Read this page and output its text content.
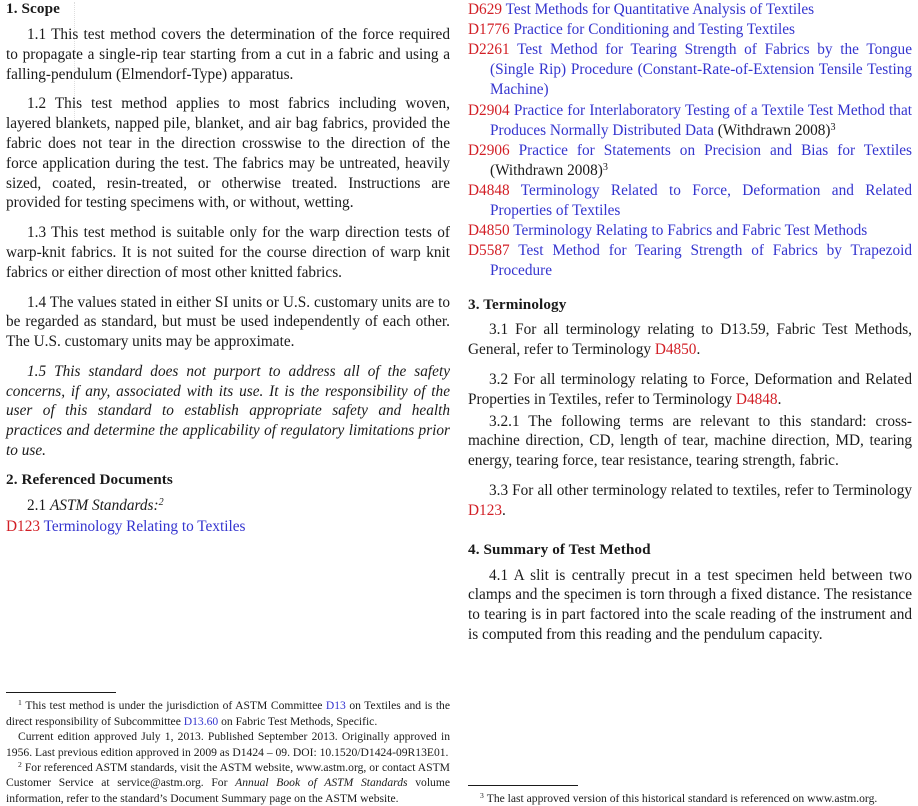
1. Scope

1.1 This test method covers the determination of the force required to propagate a single-rip tear starting from a cut in a fabric and using a falling-pendulum (Elmendorf-Type) apparatus.

1.2 This test method applies to most fabrics including woven, layered blankets, napped pile, blanket, and air bag fabrics, provided the fabric does not tear in the direction crosswise to the direction of the force application during the test. The fabrics may be untreated, heavily sized, coated, resin-treated, or otherwise treated. Instructions are provided for testing specimens with, or without, wetting.

1.3 This test method is suitable only for the warp direction tests of warp-knit fabrics. It is not suited for the course direction of warp knit fabrics or either direction of most other knitted fabrics.

1.4 The values stated in either SI units or U.S. customary units are to be regarded as standard, but must be used independently of each other. The U.S. customary units may be approximate.

1.5 This standard does not purport to address all of the safety concerns, if any, associated with its use. It is the responsibility of the user of this standard to establish appropriate safety and health practices and determine the applicability of regulatory limitations prior to use.

2. Referenced Documents

2.1 ASTM Standards:$^2$

D123 Terminology Relating to Textiles

$^1$ This test method is under the jurisdiction of ASTM Committee D13 on Textiles and is the direct responsibility of Subcommittee D13.60 on Fabric Test Methods, Specific.

Current edition approved July 1, 2013. Published September 2013. Originally approved in 1956. Last previous edition approved in 2009 as D1424 – 09. DOI: 10.1520/D1424-09R13E01.

$^2$ For referenced ASTM standards, visit the ASTM website, www.astm.org, or contact ASTM Customer Service at service@astm.org. For Annual Book of ASTM Standards volume information, refer to the standard’s Document Summary page on the ASTM website.

D629 Test Methods for Quantitative Analysis of Textiles
D1776 Practice for Conditioning and Testing Textiles
D2261 Test Method for Tearing Strength of Fabrics by the Tongue (Single Rip) Procedure (Constant-Rate-of-Extension Tensile Testing Machine)
D2904 Practice for Interlaboratory Testing of a Textile Test Method that Produces Normally Distributed Data (Withdrawn 2008)$^3$
D2906 Practice for Statements on Precision and Bias for Textiles (Withdrawn 2008)$^3$
D4848 Terminology Related to Force, Deformation and Related Properties of Textiles
D4850 Terminology Relating to Fabrics and Fabric Test Methods
D5587 Test Method for Tearing Strength of Fabrics by Trapezoid Procedure
3. Terminology

3.1 For all terminology relating to D13.59, Fabric Test Methods, General, refer to Terminology D4850.

3.2 For all terminology relating to Force, Deformation and Related Properties in Textiles, refer to Terminology D4848.

3.2.1 The following terms are relevant to this standard: cross-machine direction, CD, length of tear, machine direction, MD, tearing energy, tearing force, tear resistance, tearing strength, fabric.

3.3 For all other terminology related to textiles, refer to Terminology D123.

4. Summary of Test Method

4.1 A slit is centrally precut in a test specimen held between two clamps and the specimen is torn through a fixed distance. The resistance to tearing is in part factored into the scale reading of the instrument and is computed from this reading and the pendulum capacity.

$^3$ The last approved version of this historical standard is referenced on www.astm.org.
